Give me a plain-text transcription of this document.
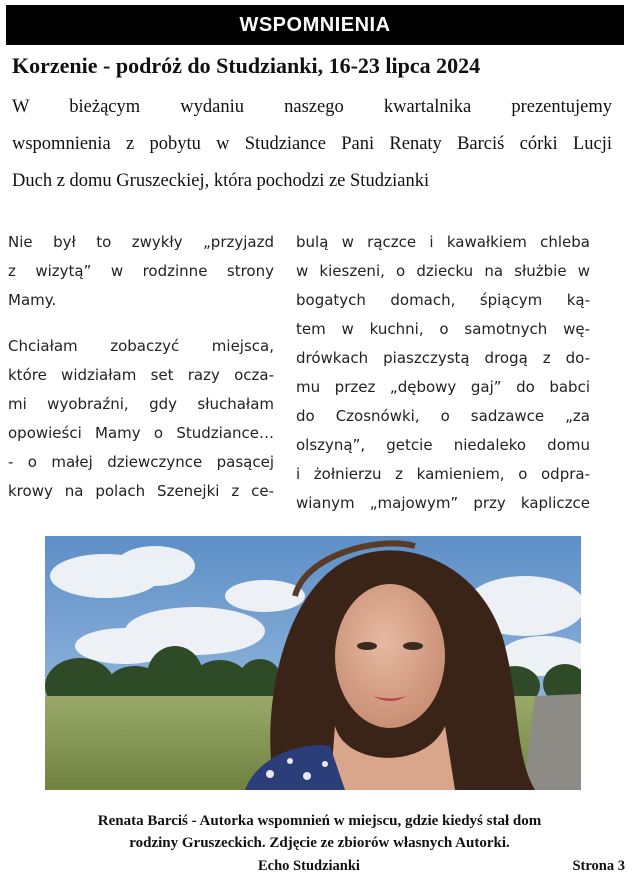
WSPOMNIENIA
Korzenie - podróż do Studzianki, 16-23 lipca 2024
W bieżącym wydaniu naszego kwartalnika prezentujemy
wspomnienia z pobytu w Studziance Pani Renaty Barciś córki Lucji
Duch z domu Gruszeckiej, która pochodzi ze Studzianki

Nie był to zwykły „przyjazd
z wizytą” w rodzinne strony
Mamy.

Chciałam zobaczyć miejsca,
które widziałam set razy ocza-
mi wyobraźni, gdy słuchałam
opowieści Mamy o Studziance…
- o małej dziewczynce pasącej
krowy na polach Szenejki z ce-

bulą w rączce i kawałkiem chleba
w kieszeni, o dziecku na służbie w
bogatych domach, śpiącym ką-
tem w kuchni, o samotnych wę-
drówkach piaszczystą drogą z do-
mu przez „dębowy gaj” do babci
do Czosnówki, o sadzawce „za
olszyną”, getcie niedaleko domu
i żołnierzu z kamieniem, o odpra-
wianym „majowym” przy kapliczce

Renata Barciś - Autorka wspomnień w miejscu, gdzie kiedyś stał dom
rodziny Gruszeckich. Zdjęcie ze zbiorów własnych Autorki.
Echo Studzianki	Strona 3
